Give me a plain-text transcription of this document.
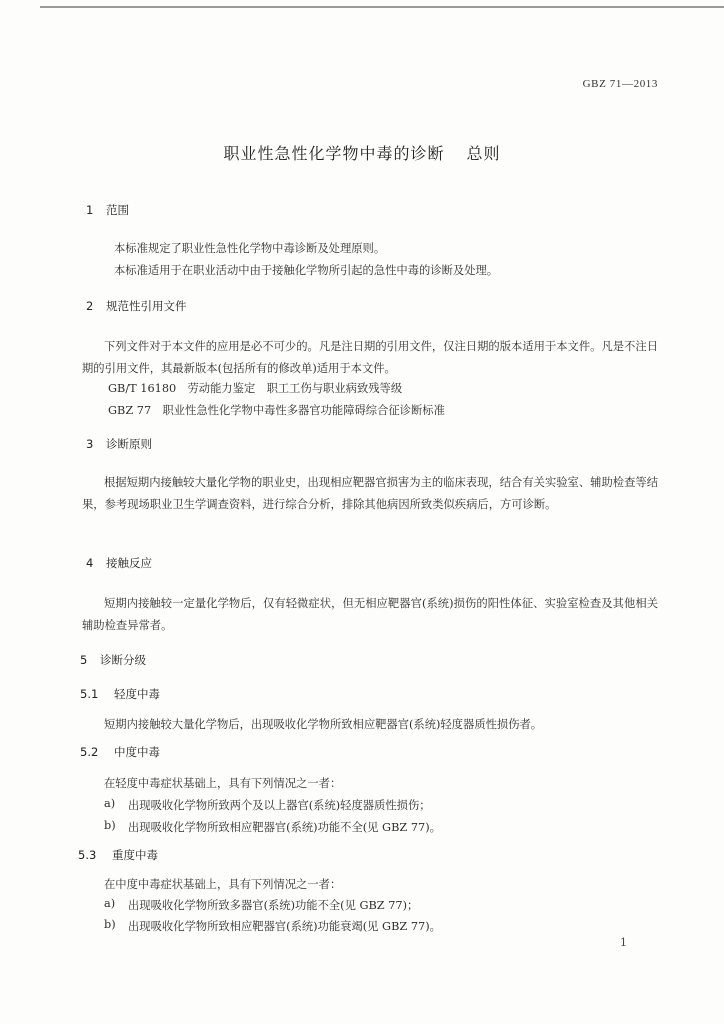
GBZ 71—2013
职业性急性化学物中毒的诊断 总则
1 范围
本标准规定了职业性急性化学物中毒诊断及处理原则。
本标准适用于在职业活动中由于接触化学物所引起的急性中毒的诊断及处理。
2 规范性引用文件
下列文件对于本文件的应用是必不可少的。凡是注日期的引用文件，仅注日期的版本适用于本文件。凡是不注日期的引用文件，其最新版本(包括所有的修改单)适用于本文件。
GB/T 16180　劳动能力鉴定　职工工伤与职业病致残等级
GBZ 77　职业性急性化学物中毒性多器官功能障碍综合征诊断标准
3 诊断原则
根据短期内接触较大量化学物的职业史，出现相应靶器官损害为主的临床表现，结合有关实验室、辅助检查等结果，参考现场职业卫生学调查资料，进行综合分析，排除其他病因所致类似疾病后，方可诊断。
4 接触反应
短期内接触较一定量化学物后，仅有轻微症状，但无相应靶器官(系统)损伤的阳性体征、实验室检查及其他相关辅助检查异常者。
5 诊断分级
5.1 轻度中毒
短期内接触较大量化学物后，出现吸收化学物所致相应靶器官(系统)轻度器质性损伤者。
5.2 中度中毒
在轻度中毒症状基础上，具有下列情况之一者：
a) 出现吸收化学物所致两个及以上器官(系统)轻度器质性损伤；
b) 出现吸收化学物所致相应靶器官(系统)功能不全(见 GBZ 77)。
5.3 重度中毒
在中度中毒症状基础上，具有下列情况之一者：
a) 出现吸收化学物所致多器官(系统)功能不全(见 GBZ 77)；
b) 出现吸收化学物所致相应靶器官(系统)功能衰竭(见 GBZ 77)。
1
